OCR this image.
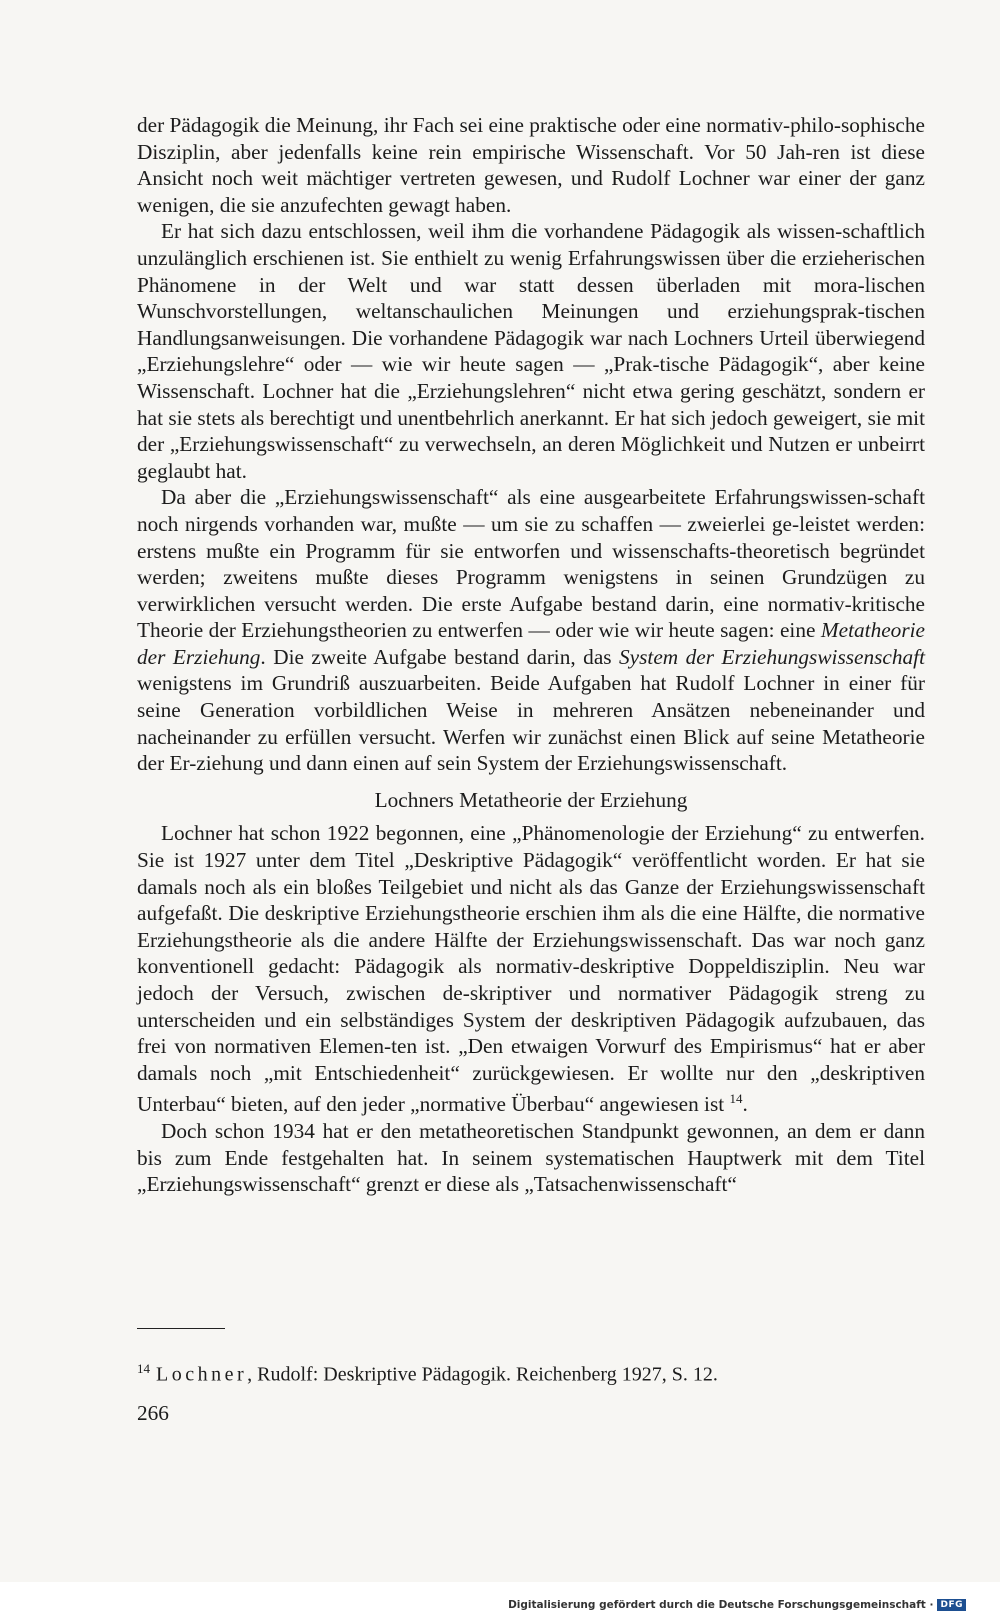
der Pädagogik die Meinung, ihr Fach sei eine praktische oder eine normativ-philo-sophische Disziplin, aber jedenfalls keine rein empirische Wissenschaft. Vor 50 Jah-ren ist diese Ansicht noch weit mächtiger vertreten gewesen, und Rudolf Lochner war einer der ganz wenigen, die sie anzufechten gewagt haben.

Er hat sich dazu entschlossen, weil ihm die vorhandene Pädagogik als wissen-schaftlich unzulänglich erschienen ist. Sie enthielt zu wenig Erfahrungswissen über die erzieherischen Phänomene in der Welt und war statt dessen überladen mit mora-lischen Wunschvorstellungen, weltanschaulichen Meinungen und erziehungsprak-tischen Handlungsanweisungen. Die vorhandene Pädagogik war nach Lochners Urteil überwiegend „Erziehungslehre“ oder — wie wir heute sagen — „Prak-tische Pädagogik“, aber keine Wissenschaft. Lochner hat die „Erziehungslehren“ nicht etwa gering geschätzt, sondern er hat sie stets als berechtigt und unentbehrlich anerkannt. Er hat sich jedoch geweigert, sie mit der „Erziehungswissenschaft“ zu verwechseln, an deren Möglichkeit und Nutzen er unbeirrt geglaubt hat.

Da aber die „Erziehungswissenschaft“ als eine ausgearbeitete Erfahrungswissen-schaft noch nirgends vorhanden war, mußte — um sie zu schaffen — zweierlei ge-leistet werden: erstens mußte ein Programm für sie entworfen und wissenschafts-theoretisch begründet werden; zweitens mußte dieses Programm wenigstens in seinen Grundzügen zu verwirklichen versucht werden. Die erste Aufgabe bestand darin, eine normativ-kritische Theorie der Erziehungstheorien zu entwerfen — oder wie wir heute sagen: eine Metatheorie der Erziehung. Die zweite Aufgabe bestand darin, das System der Erziehungswissenschaft wenigstens im Grundriß auszuarbeiten. Beide Aufgaben hat Rudolf Lochner in einer für seine Generation vorbildlichen Weise in mehreren Ansätzen nebeneinander und nacheinander zu erfüllen versucht. Werfen wir zunächst einen Blick auf seine Metatheorie der Er-ziehung und dann einen auf sein System der Erziehungswissenschaft.

Lochners Metatheorie der Erziehung

Lochner hat schon 1922 begonnen, eine „Phänomenologie der Erziehung“ zu entwerfen. Sie ist 1927 unter dem Titel „Deskriptive Pädagogik“ veröffentlicht worden. Er hat sie damals noch als ein bloßes Teilgebiet und nicht als das Ganze der Erziehungswissenschaft aufgefaßt. Die deskriptive Erziehungstheorie erschien ihm als die eine Hälfte, die normative Erziehungstheorie als die andere Hälfte der Erziehungswissenschaft. Das war noch ganz konventionell gedacht: Pädagogik als normativ-deskriptive Doppeldisziplin. Neu war jedoch der Versuch, zwischen de-skriptiver und normativer Pädagogik streng zu unterscheiden und ein selbständiges System der deskriptiven Pädagogik aufzubauen, das frei von normativen Elemen-ten ist. „Den etwaigen Vorwurf des Empirismus“ hat er aber damals noch „mit Entschiedenheit“ zurückgewiesen. Er wollte nur den „deskriptiven Unterbau“ bieten, auf den jeder „normative Überbau“ angewiesen ist $^{14}$.

Doch schon 1934 hat er den metatheoretischen Standpunkt gewonnen, an dem er dann bis zum Ende festgehalten hat. In seinem systematischen Hauptwerk mit dem Titel „Erziehungswissenschaft“ grenzt er diese als „Tatsachenwissenschaft“

$^{14}$ Lochner, Rudolf: Deskriptive Pädagogik. Reichenberg 1927, S. 12.
266
Digitalisierung gefördert durch die Deutsche Forschungsgemeinschaft · DFG
